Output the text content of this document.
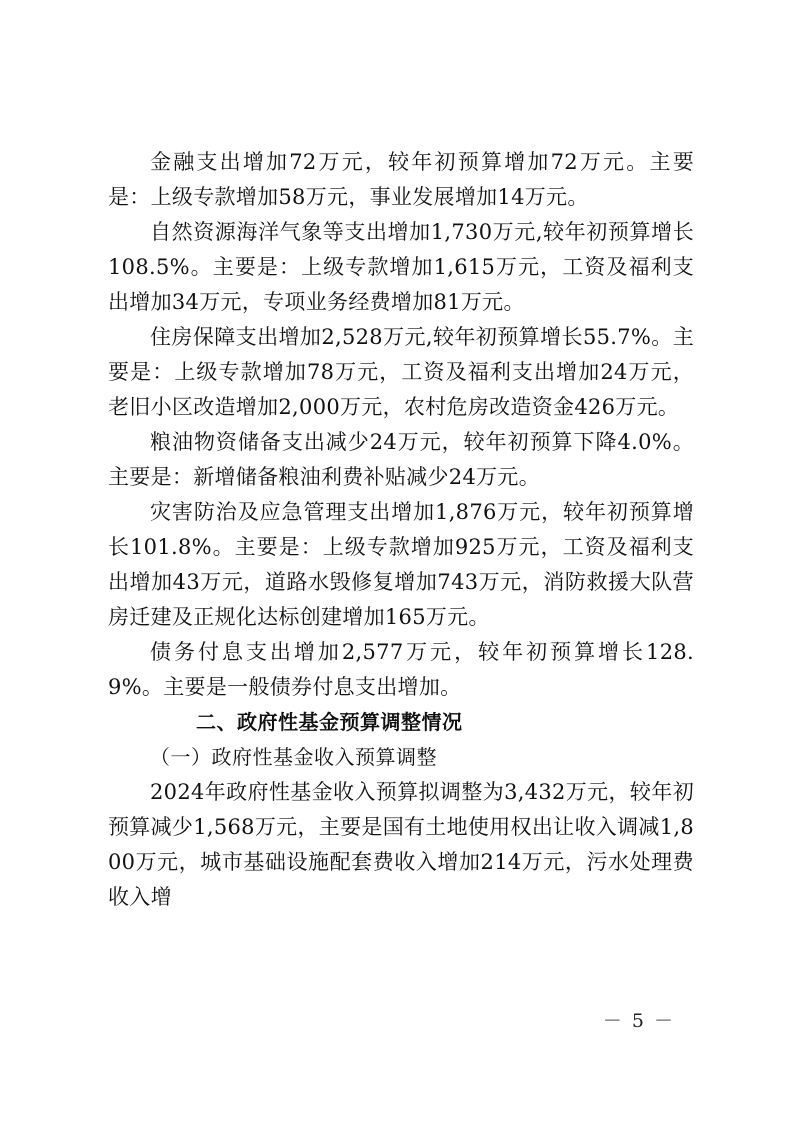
金融支出增加72万元，较年初预算增加72万元。主要是：上级专款增加58万元，事业发展增加14万元。

自然资源海洋气象等支出增加1,730万元,较年初预算增长108.5%。主要是：上级专款增加1,615万元，工资及福利支出增加34万元，专项业务经费增加81万元。

住房保障支出增加2,528万元,较年初预算增长55.7%。主要是：上级专款增加78万元，工资及福利支出增加24万元，老旧小区改造增加2,000万元，农村危房改造资金426万元。

粮油物资储备支出减少24万元，较年初预算下降4.0%。主要是：新增储备粮油利费补贴减少24万元。

灾害防治及应急管理支出增加1,876万元，较年初预算增长101.8%。主要是：上级专款增加925万元，工资及福利支出增加43万元，道路水毁修复增加743万元，消防救援大队营房迁建及正规化达标创建增加165万元。

债务付息支出增加2,577万元，较年初预算增长128.9%。主要是一般债券付息支出增加。

二、政府性基金预算调整情况

（一）政府性基金收入预算调整

2024年政府性基金收入预算拟调整为3,432万元，较年初预算减少1,568万元，主要是国有土地使用权出让收入调减1,800万元，城市基础设施配套费收入增加214万元，污水处理费收入增

－ 5 －
